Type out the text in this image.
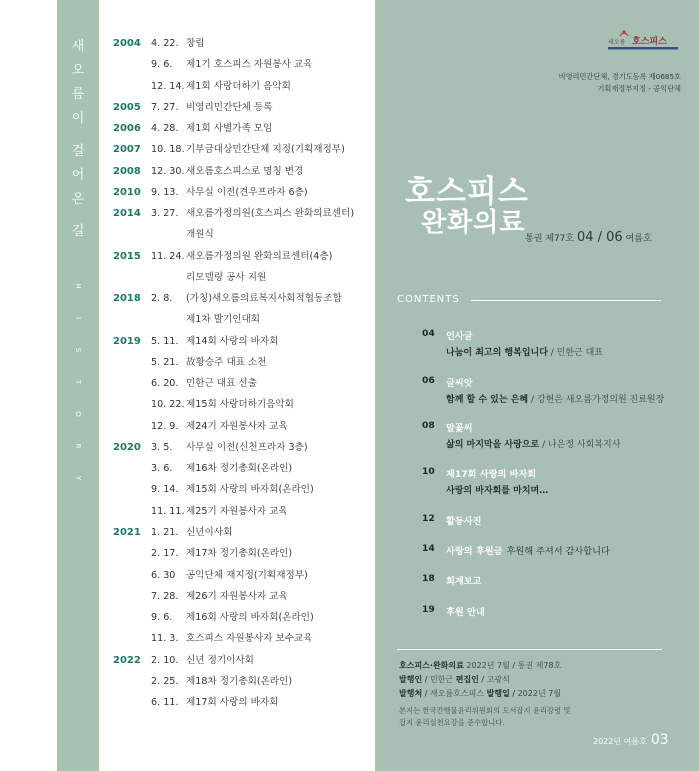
새
오
름
이
걸
어
온
길
H
I
S
T
O
R
Y
2004 4. 22. 창립
9. 6.	제1기 호스피스 자원봉사 교육
12. 14. 제1회 사랑더하기 음악회
2005 7. 27. 비영리민간단체 등록
2006 4. 28. 제1회 사별가족 모임
2007 10. 18. 기부금대상민간단체 지정(기획재정부)
2008 12. 30. 새오름호스피스로 명칭 변경
2010 9. 13. 사무실 이전(견우프라자 6층)
2014 3. 27. 새오름가정의원(호스피스 완화의료센터)
개원식
2015 11. 24. 새오름가정의원 완화의료센터(4층)
리모델링 공사 지원
2018 2. 8.	(가칭)새오름의료복지사회적협동조합
제1차 발기인대회
2019 5. 11. 제14회 사랑의 바자회
5. 21. 故황승주 대표 소천
6. 20. 민한근 대표 선출
10. 22. 제15회 사랑더하기음악회
12. 9. 제24기 자원봉사자 교육
2020 3. 5.	사무실 이전(신천프라자 3층)
3. 6.	제16차 정기총회(온라인)
9. 14. 제15회 사랑의 바자회(온라인)
11. 11. 제25기 자원봉사자 교육
2021 1. 21. 신년이사회
2. 17. 제17차 정기총회(온라인)
6. 30	공익단체 재지정(기획재정부)
7. 28. 제26기 자원봉사자 교육
9. 6.	제16회 사랑의 바자회(온라인)
11. 3. 호스피스 자원봉사자 보수교육
2022 2. 10. 신년 정기이사회
2. 25. 제18차 정기총회(온라인)
6. 11. 제17회 사랑의 바자회
새오름 호스피스
비영리민간단체, 경기도등록 제0685호
기획재정부지정 - 공익단체
호스피스
완화의료
통권 제77호 04 / 06 여름호
CONTENTS
04 인사글
나눔이 최고의 행복입니다 / 민한근 대표
06 글씨앗
함께 할 수 있는 은혜 / 강현은 새오름가정의원 진료원장
08 말꽃씨
삶의 마지막을 사랑으로 / 나은정 사회복지사
10 제17회 사랑의 바자회
사랑의 바자회를 마치며…
12 활동사진
14 사랑의 후원금 후원해 주셔서 감사합니다
18 회계보고
19 후원 안내
호스피스·완화의료 2022년 7월 / 통권 제78호
발행인 / 민한근 편집인 / 고광석
발행처 / 새오름호스피스 발행일 / 2022년 7월
본지는 한국간행물윤리위원회의 도서잡지 윤리강령 및
잡지 윤리실천요강을 준수합니다.
2022년 여름호 03
